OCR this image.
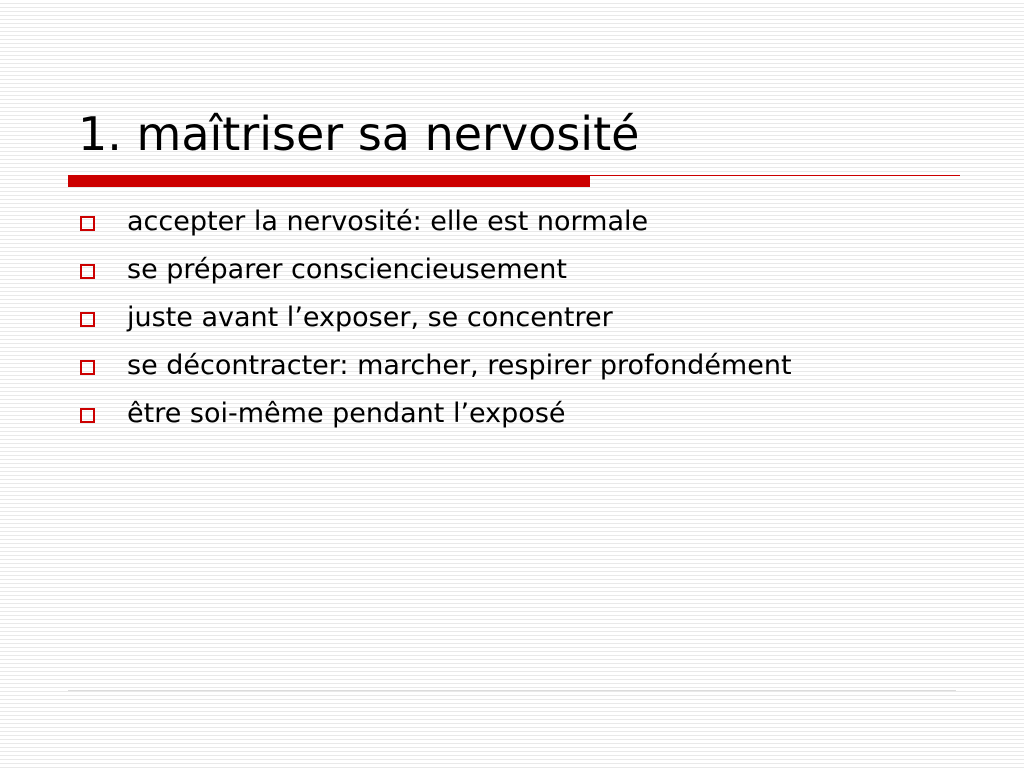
1. maîtriser sa nervosité
accepter la nervosité: elle est normale
se préparer consciencieusement
juste avant l’exposer, se concentrer
se décontracter: marcher, respirer profondément
être soi-même pendant l’exposé
